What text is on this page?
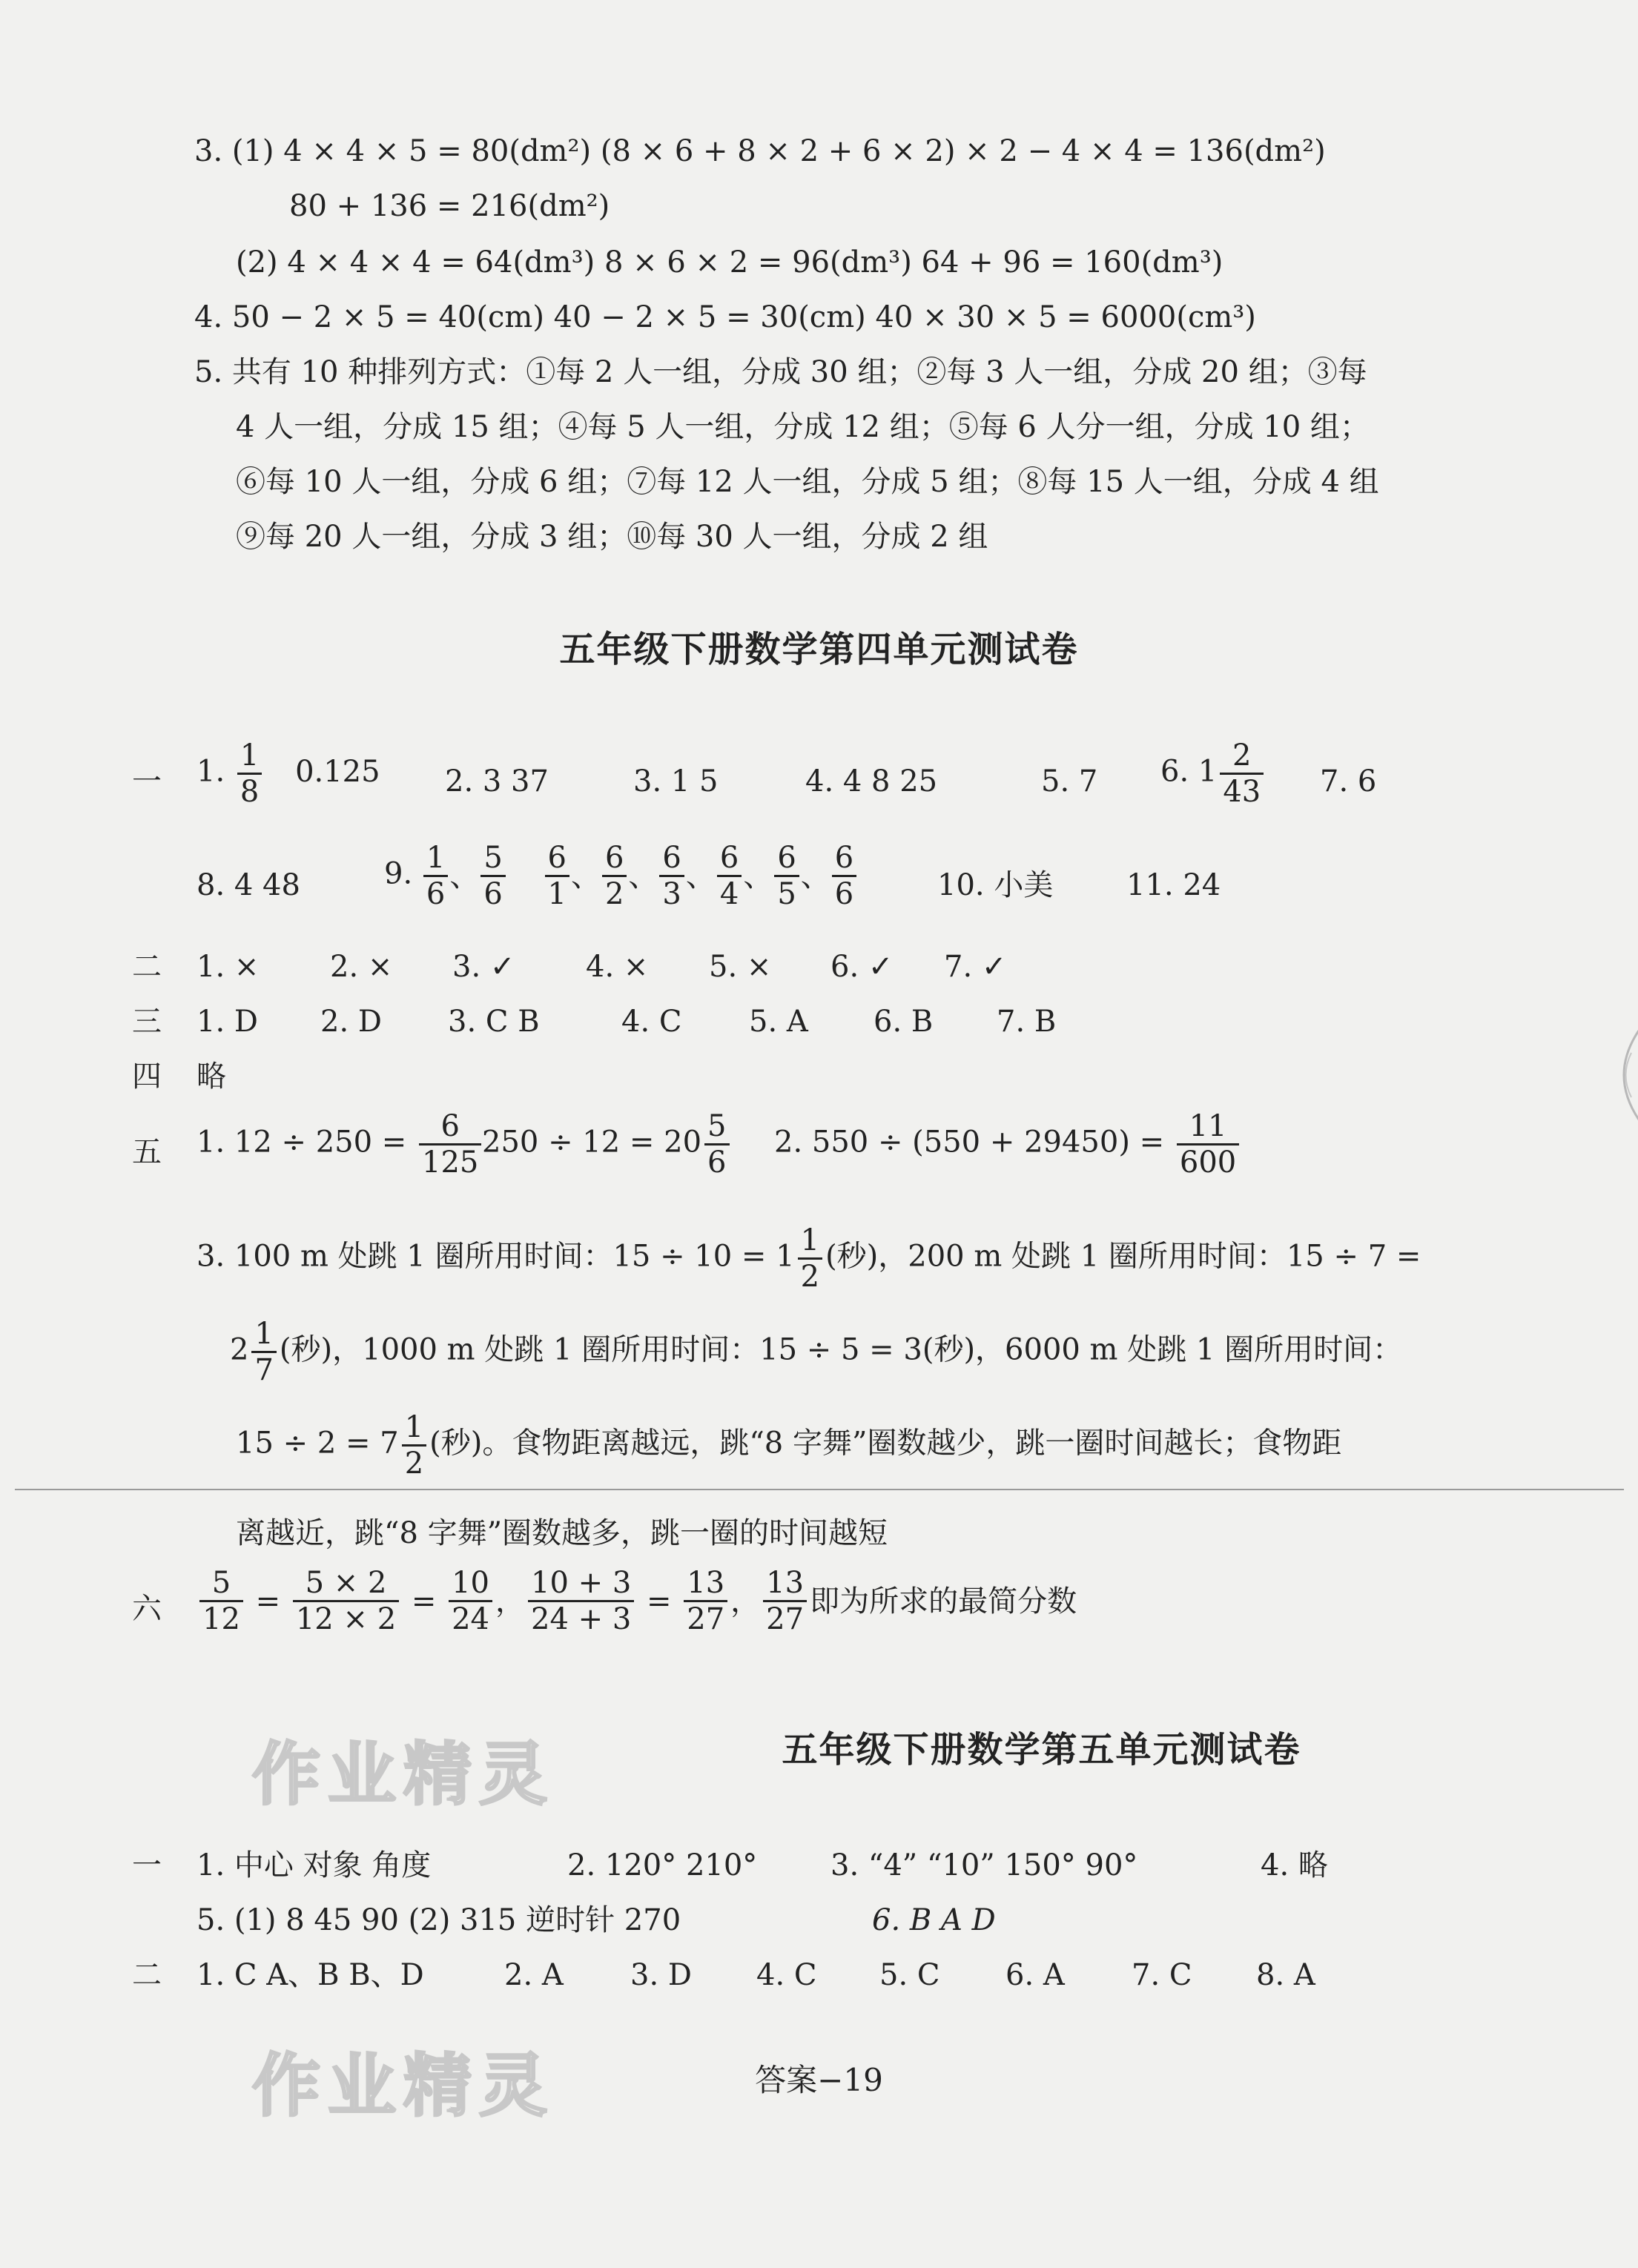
3. (1) 4 × 4 × 5 = 80(dm²) (8 × 6 + 8 × 2 + 6 × 2) × 2 − 4 × 4 = 136(dm²)
80 + 136 = 216(dm²)
(2) 4 × 4 × 4 = 64(dm³) 8 × 6 × 2 = 96(dm³) 64 + 96 = 160(dm³)
4. 50 − 2 × 5 = 40(cm) 40 − 2 × 5 = 30(cm) 40 × 30 × 5 = 6000(cm³)
5. 共有 10 种排列方式：①每 2 人一组，分成 30 组；②每 3 人一组，分成 20 组；③每
4 人一组，分成 15 组；④每 5 人一组，分成 12 组；⑤每 6 人分一组，分成 10 组；
⑥每 10 人一组，分成 6 组；⑦每 12 人一组，分成 5 组；⑧每 15 人一组，分成 4 组
⑨每 20 人一组，分成 3 组；⑩每 30 人一组，分成 2 组
五年级下册数学第四单元测试卷
一 1. $\frac{1}{8} 0.125$ 2. 3 37	3. 1 5	4. 4 8 25	5. 7 6. $1 \frac{2}{43} 7$. 6
8. 4 48	9. $\frac{1}{6}$ 、 $\frac{5}{6}$
$\frac{6}{1}$ 、 $\frac{6}{2}$ 、 $\frac{6}{3}$ 、 $\frac{6}{4}$ 、 $\frac{6}{5}$ 、 $\frac{6}{6}$	10. 小美 11. 24
二 1. × 2. × 3. ✓ 4. × 5. × 6. ✓ 7. ✓
三 1. D 2. D 3. C B	4. C 5. A 6. B 7. B
四 略
五 1. $12 \div 250 = \frac{6}{125} 250 \div 12 = 20 \frac{5}{6} 2$. $550 \div (550 + 29450) = \frac{11}{600}$
3. 100 m 处跳 1 圈所用时间：$15 \div 10 = 1 \frac{1}{2}$ (秒)，200 m 处跳 1 圈所用时间：15 ÷ 7 =
$2 \frac{1}{7}$ (秒)，1000 m 处跳 1 圈所用时间：15 ÷ 5 = 3(秒)，6000 m 处跳 1 圈所用时间：
$15 \div 2 = 7 \frac{1}{2}$ (秒)。食物距离越远，跳“8 字舞”圈数越少，跳一圈时间越长；食物距
离越近，跳“8 字舞”圈数越多，跳一圈的时间越短
六 $\frac{5}{12} = \frac{5 \times 2}{12 \times 2} = \frac{10}{24}$ ， $\frac{10 + 3}{24 + 3} = \frac{13}{27}$ ， $\frac{13}{27}$ 即为所求的最简分数
作业精灵	五年级下册数学第五单元测试卷
一 1. 中心 对象 角度	2. 120° 210° 3. “4” “10” 150° 90°	4. 略
5. (1) 8 45 90 (2) 315 逆时针 270	6. B A D
二 1. C A、B B、D	2. A 3. D 4. C 5. C 6. A 7. C 8. A
作业精灵	答案−19
